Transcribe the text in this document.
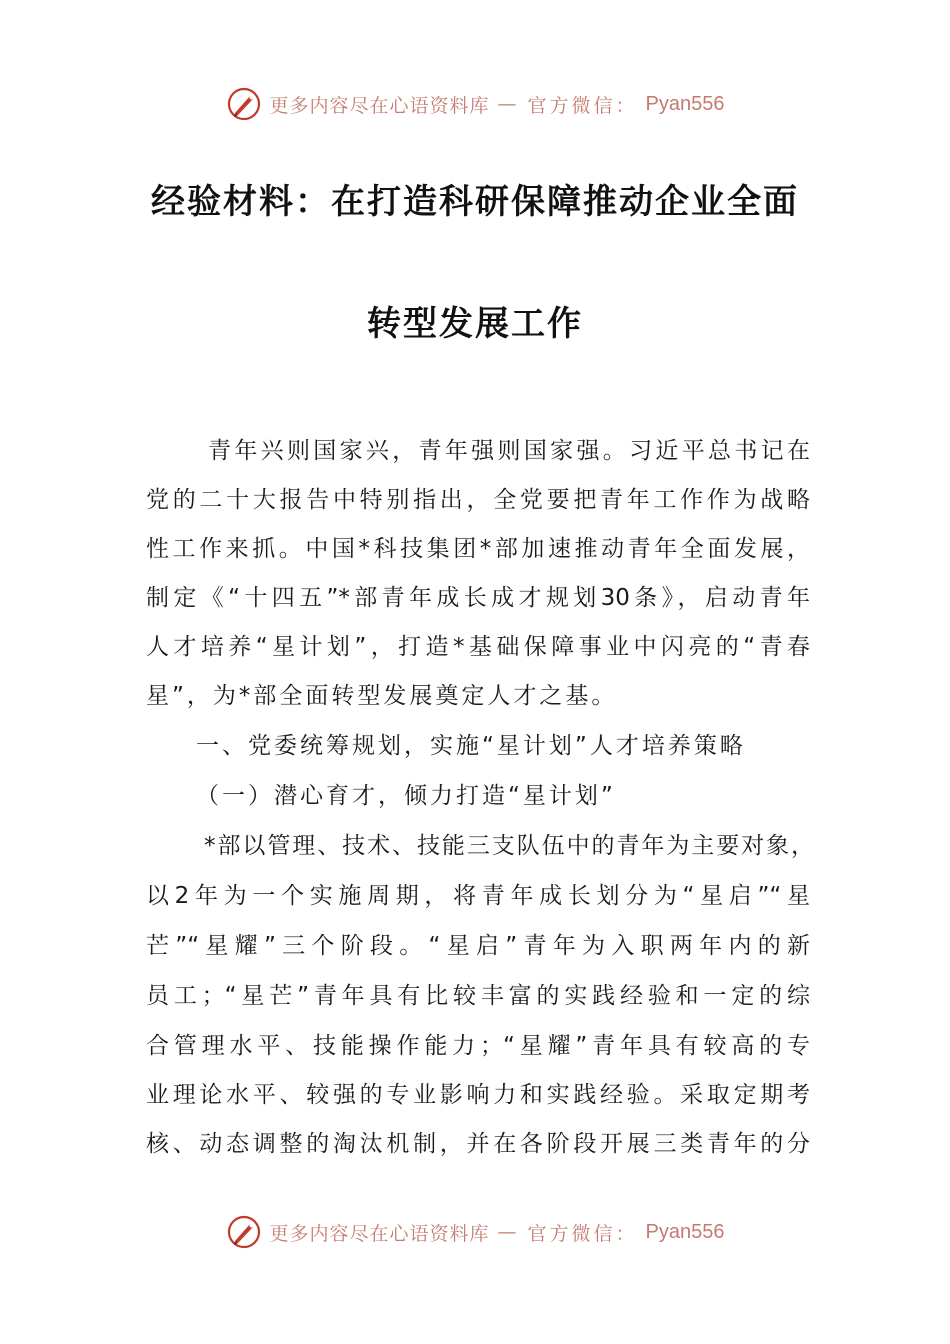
更多内容尽在心语资料库 — 官方微信： Pyan556
经验材料：在打造科研保障推动企业全面
转型发展工作
青年兴则国家兴，青年强则国家强。习近平总书记在
党的二十大报告中特别指出，全党要把青年工作作为战略
性工作来抓。中国*科技集团*部加速推动青年全面发展，
制定《“十四五”*部青年成长成才规划30条》，启动青年
人才培养“星计划”，打造*基础保障事业中闪亮的“青春
星”，为*部全面转型发展奠定人才之基。
一、党委统筹规划，实施“星计划”人才培养策略
（一）潜心育才，倾力打造“星计划”
*部以管理、技术、技能三支队伍中的青年为主要对象，
以2年为一个实施周期，将青年成长划分为“星启”“星
芒”“星耀”三个阶段。“星启”青年为入职两年内的新
员工；“星芒”青年具有比较丰富的实践经验和一定的综
合管理水平、技能操作能力；“星耀”青年具有较高的专
业理论水平、较强的专业影响力和实践经验。采取定期考
核、动态调整的淘汰机制，并在各阶段开展三类青年的分
更多内容尽在心语资料库 — 官方微信： Pyan556
